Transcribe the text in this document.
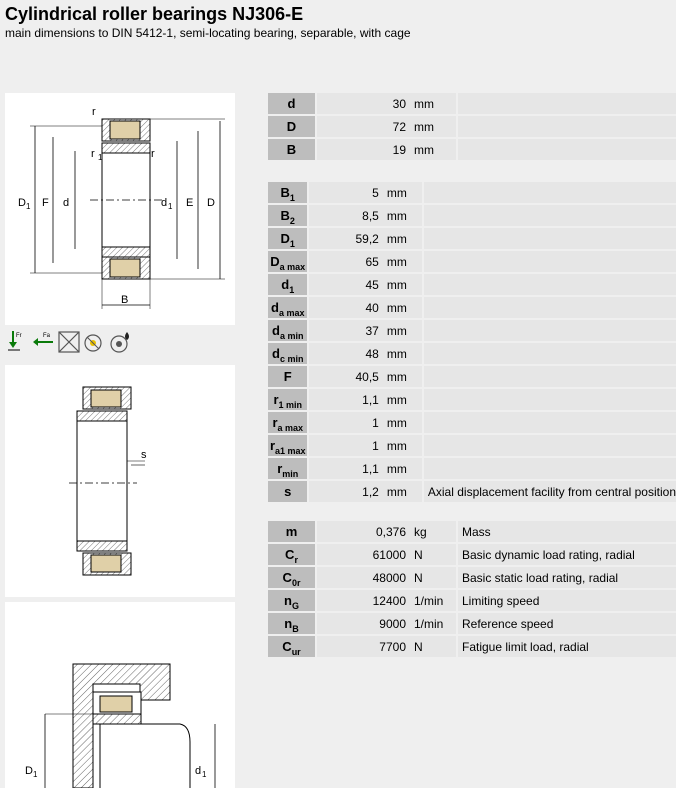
Cylindrical roller bearings NJ306-E
main dimensions to DIN 5412-1, semi-locating bearing, separable, with cage
r
r 1	r
D 1 F d	d 1 E D
B
Fr	Fa
s
D 1	d 1
d		30	mm		
D		72	mm		
B		19	mm		
$B_1$		5	mm		
$B_2$		8,5	mm		
$D_1$		59,2	mm		
$D_{a max}$		65	mm		
$d_1$		45	mm		
$d_{a max}$		40	mm		
$d_{a min}$		37	mm		
$d_{c min}$		48	mm		
F		40,5	mm		
$r_{1 min}$		1,1	mm		
$r_{a max}$		1	mm		
$r_{a1 max}$		1	mm		
$r_{min}$		1,1	mm		
s		1,2	mm		Axial displacement facility from central position
m		0,376	kg		Mass
$C_r$		61000	N		Basic dynamic load rating, radial
$C_{0r}$		48000	N		Basic static load rating, radial
$n_G$		12400	1/min		Limiting speed
$n_B$		9000	1/min		Reference speed
$C_{ur}$		7700	N		Fatigue limit load, radial
